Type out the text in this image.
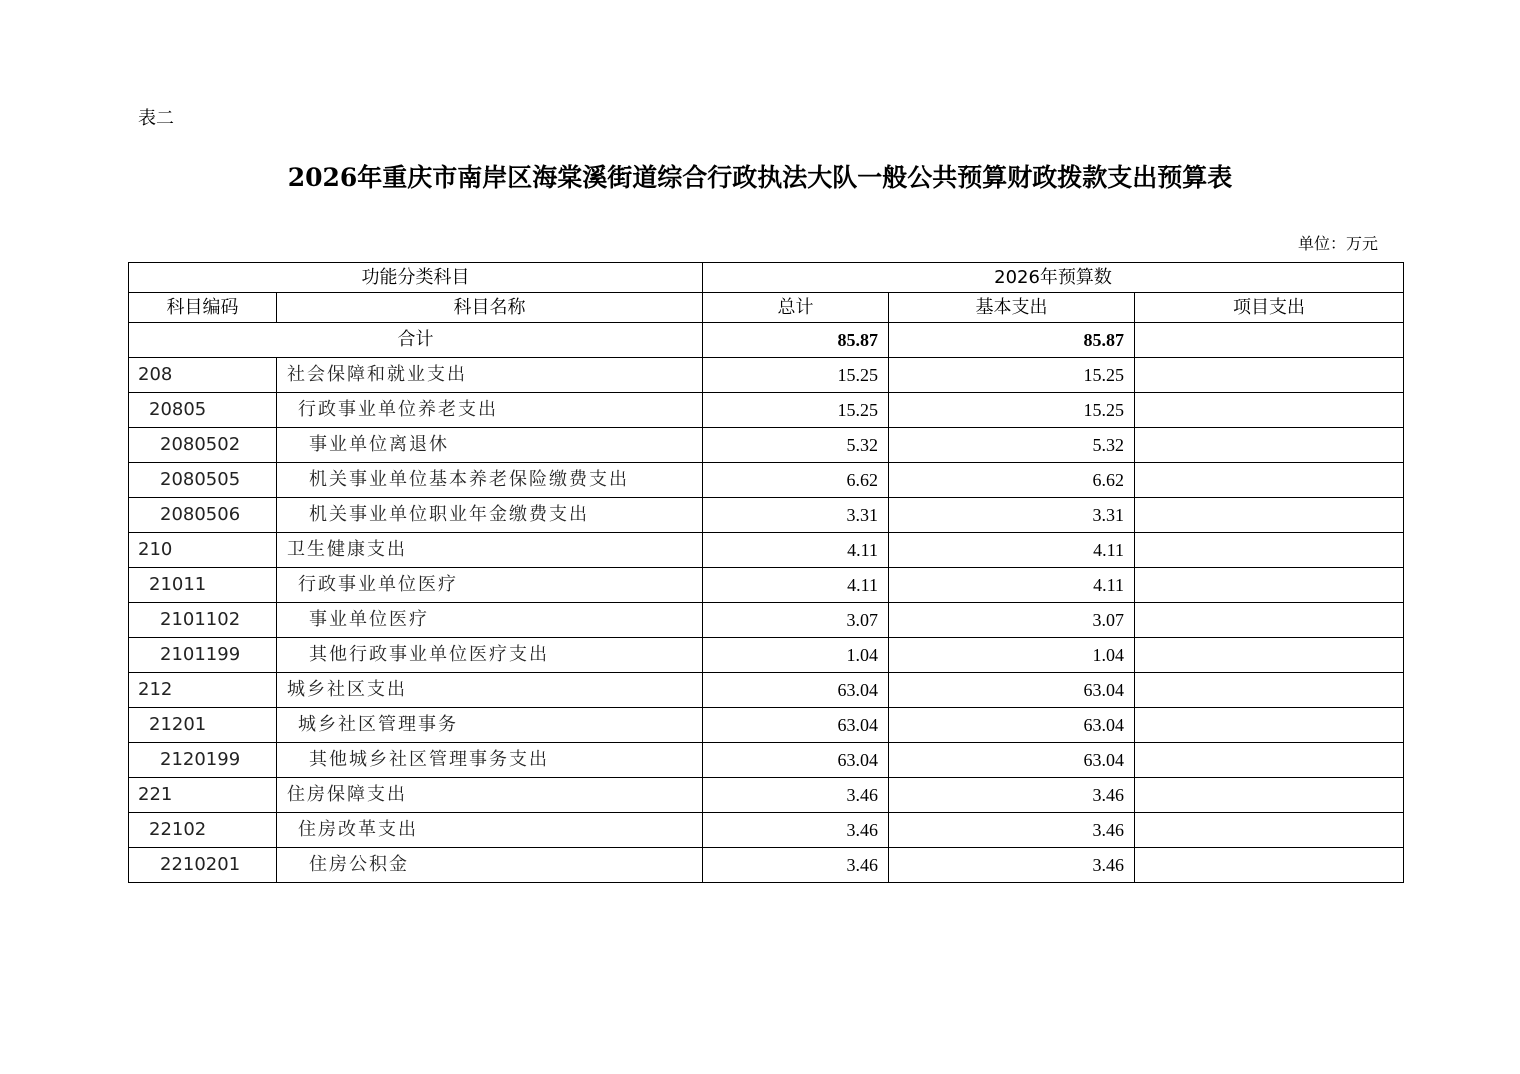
表二
2026年重庆市南岸区海棠溪街道综合行政执法大队一般公共预算财政拨款支出预算表
单位：万元
功能分类科目		2026年预算数		
科目编码	科目名称	总计	基本支出	项目支出
合计		85.87	85.87	
208	社会保障和就业支出	15.25	15.25	
20805	行政事业单位养老支出	15.25	15.25	
2080502	事业单位离退休	5.32	5.32	
2080505	机关事业单位基本养老保险缴费支出	6.62	6.62	
2080506	机关事业单位职业年金缴费支出	3.31	3.31	
210	卫生健康支出	4.11	4.11	
21011	行政事业单位医疗	4.11	4.11	
2101102	事业单位医疗	3.07	3.07	
2101199	其他行政事业单位医疗支出	1.04	1.04	
212	城乡社区支出	63.04	63.04	
21201	城乡社区管理事务	63.04	63.04	
2120199	其他城乡社区管理事务支出	63.04	63.04	
221	住房保障支出	3.46	3.46	
22102	住房改革支出	3.46	3.46	
2210201	住房公积金	3.46	3.46	
